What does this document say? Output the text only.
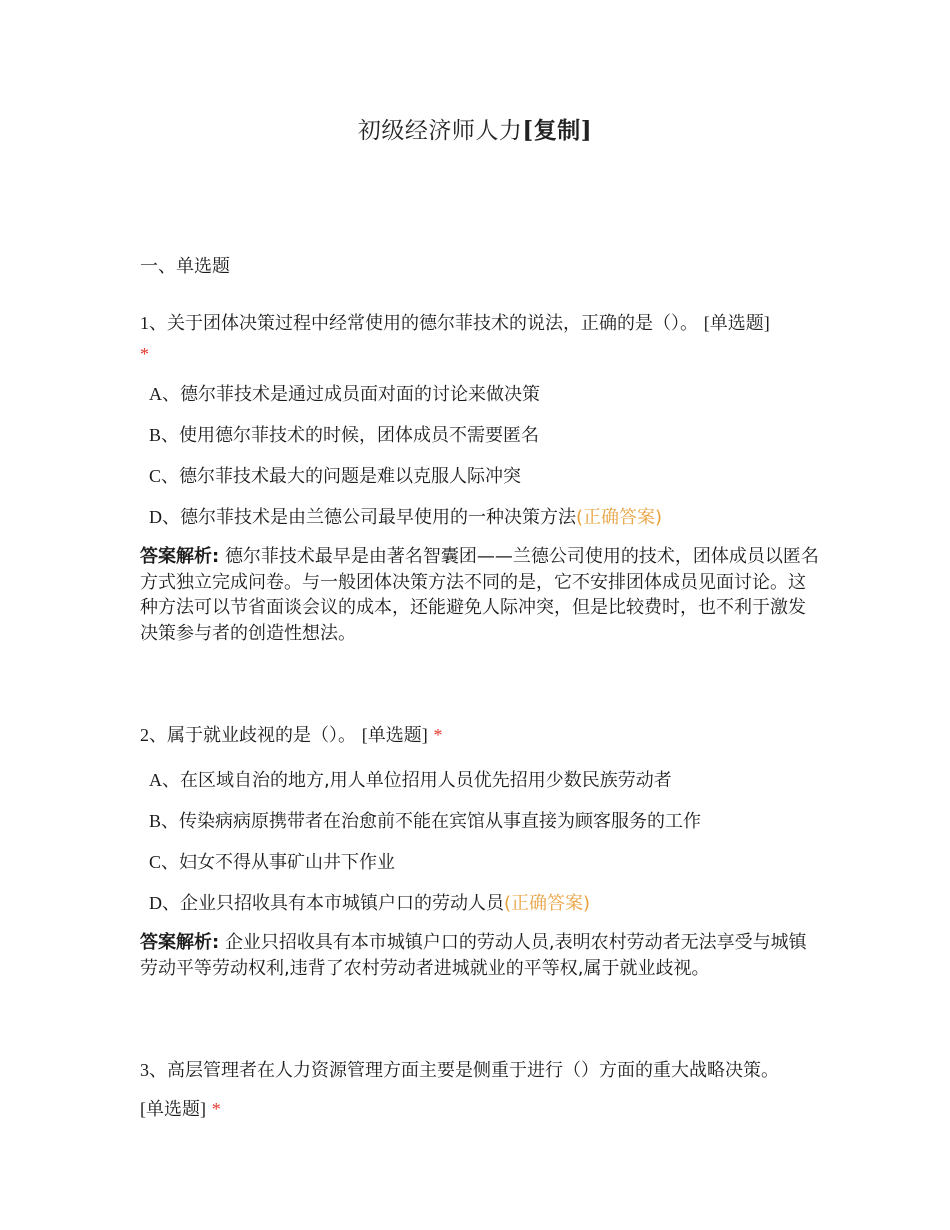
初级经济师人力[复制]
一、单选题
1、关于团体决策过程中经常使用的德尔菲技术的说法，正确的是（）。 [单选题]
*
A、德尔菲技术是通过成员面对面的讨论来做决策
B、使用德尔菲技术的时候，团体成员不需要匿名
C、德尔菲技术最大的问题是难以克服人际冲突
D、德尔菲技术是由兰德公司最早使用的一种决策方法(正确答案)
答案解析: 德尔菲技术最早是由著名智囊团——兰德公司使用的技术，团体成员以匿名方式独立完成问卷。与一般团体决策方法不同的是，它不安排团体成员见面讨论。这种方法可以节省面谈会议的成本，还能避免人际冲突，但是比较费时，也不利于激发决策参与者的创造性想法。
2、属于就业歧视的是（）。 [单选题] *
A、在区域自治的地方,用人单位招用人员优先招用少数民族劳动者
B、传染病病原携带者在治愈前不能在宾馆从事直接为顾客服务的工作
C、妇女不得从事矿山井下作业
D、企业只招收具有本市城镇户口的劳动人员(正确答案)
答案解析: 企业只招收具有本市城镇户口的劳动人员,表明农村劳动者无法享受与城镇劳动平等劳动权利,违背了农村劳动者进城就业的平等权,属于就业歧视。
3、高层管理者在人力资源管理方面主要是侧重于进行（）方面的重大战略决策。
[单选题] *
